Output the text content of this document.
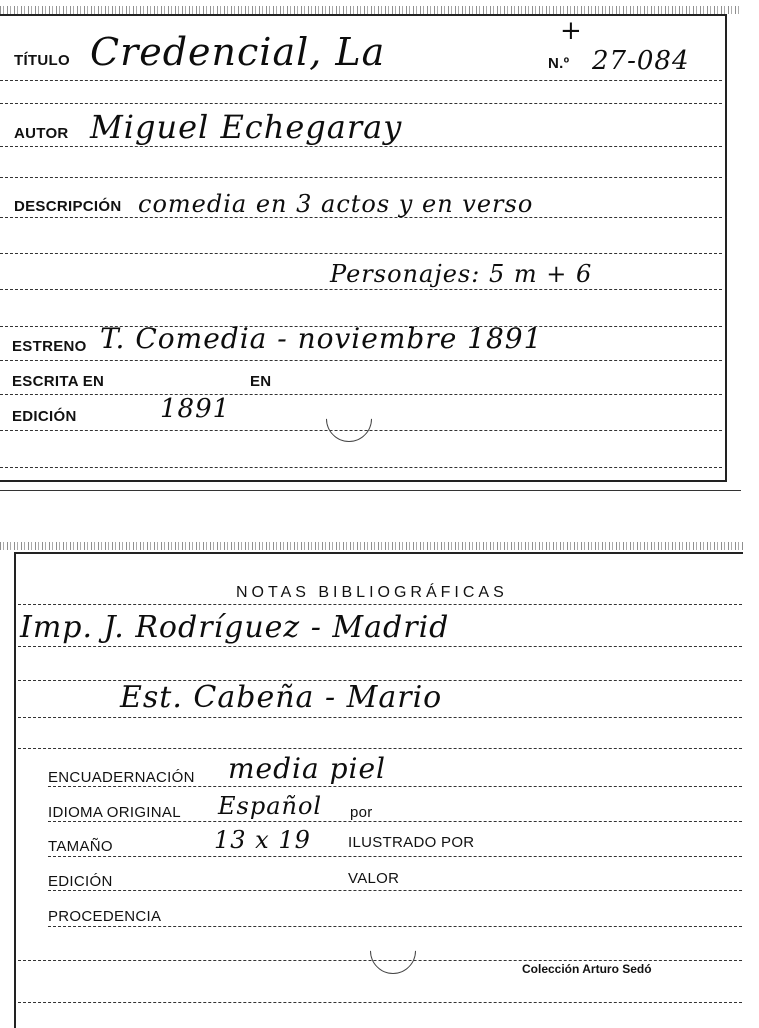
TÍTULO Credencial, La	+
N.º 27-084
AUTOR Miguel Echegaray
DESCRIPCIÓN comedia en 3 actos y en verso
Personajes: 5 m + 6
ESTRENO T. Comedia - noviembre 1891
ESCRITA EN	EN
EDICIÓN	1891
NOTAS BIBLIOGRÁFICAS
Imp. J. Rodríguez - Madrid
Est. Cabeña - Mario
ENCUADERNACIÓN media piel
IDIOMA ORIGINAL Español por
TAMAÑO	13 x 19 ILUSTRADO POR
EDICIÓN	VALOR
PROCEDENCIA
Colección Arturo Sedó
